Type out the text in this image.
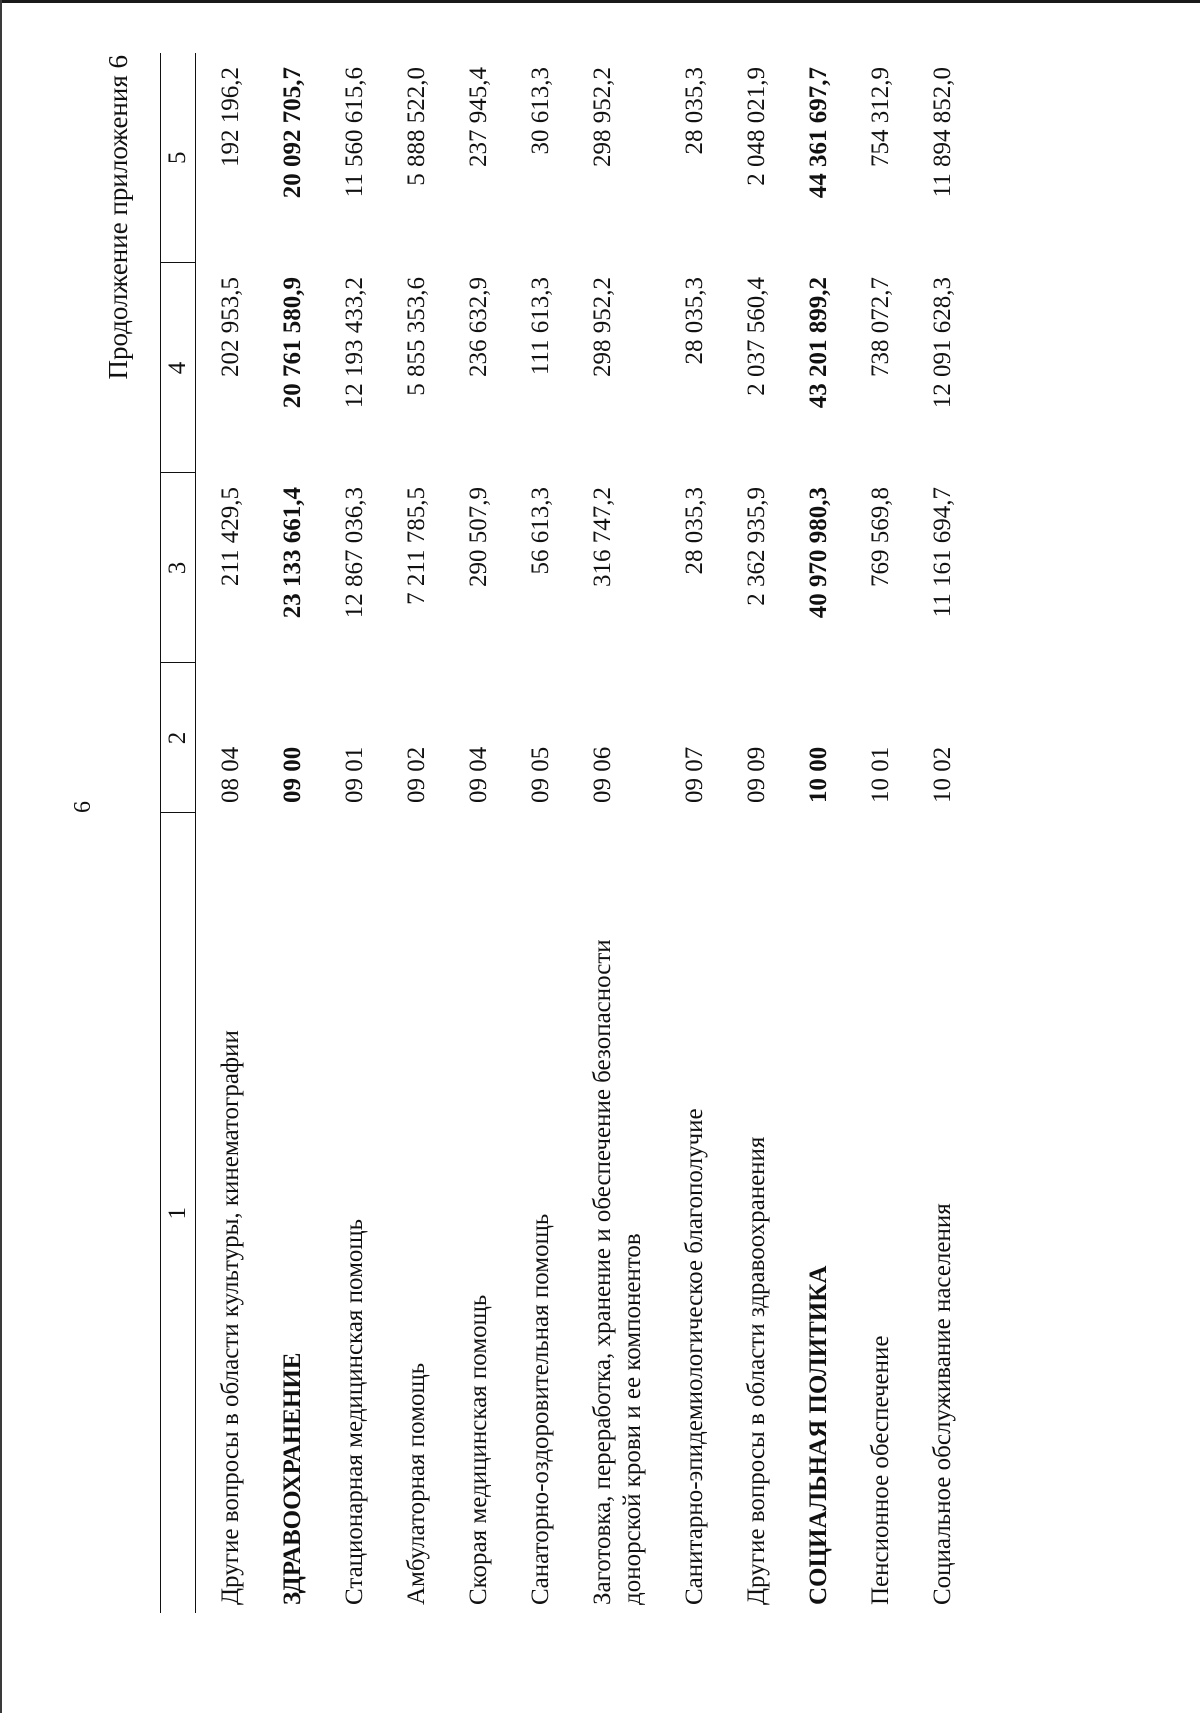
6
Продолжение приложения 6
1	2	3	4	5
Другие вопросы в области культуры, кинематографии	08 04	211 429,5	202 953,5	192 196,2
ЗДРАВООХРАНЕНИЕ	09 00	23 133 661,4	20 761 580,9	20 092 705,7
Стационарная медицинская помощь	09 01	12 867 036,3	12 193 433,2	11 560 615,6
Амбулаторная помощь	09 02	7 211 785,5	5 855 353,6	5 888 522,0
Скорая медицинская помощь	09 04	290 507,9	236 632,9	237 945,4
Санаторно-оздоровительная помощь	09 05	56 613,3	111 613,3	30 613,3
Заготовка, переработка, хранение и обеспечение безопасности донорской крови и ее компонентов	09 06	316 747,2	298 952,2	298 952,2
Санитарно-эпидемиологическое благополучие	09 07	28 035,3	28 035,3	28 035,3
Другие вопросы в области здравоохранения	09 09	2 362 935,9	2 037 560,4	2 048 021,9
СОЦИАЛЬНАЯ ПОЛИТИКА	10 00	40 970 980,3	43 201 899,2	44 361 697,7
Пенсионное обеспечение	10 01	769 569,8	738 072,7	754 312,9
Социальное обслуживание населения	10 02	11 161 694,7	12 091 628,3	11 894 852,0
